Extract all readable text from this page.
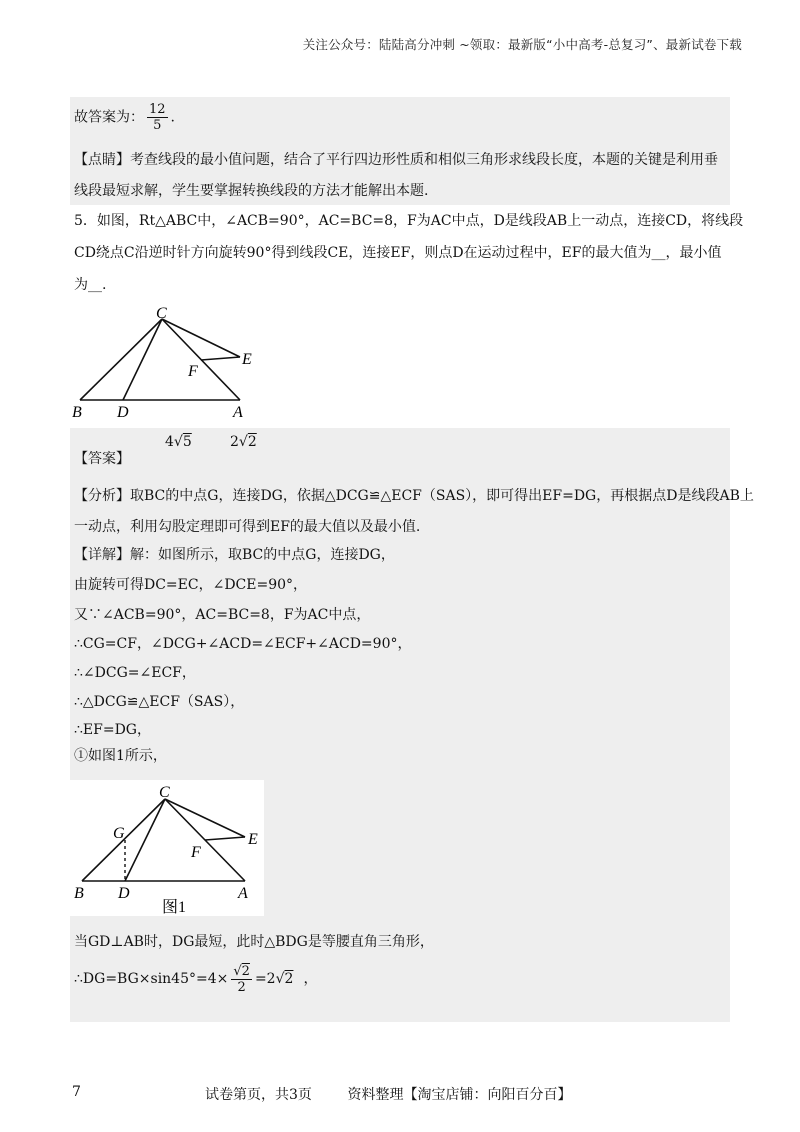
关注公众号：陆陆高分冲刺 ~领取：最新版“小中高考-总复习”、最新试卷下载
故答案为： $\frac{12}{5}$ .
【点睛】考查线段的最小值问题，结合了平行四边形性质和相似三角形求线段长度，本题的关键是利用垂
线段最短求解，学生要掌握转换线段的方法才能解出本题.
5．如图，Rt△ABC中，∠ACB=90°，AC=BC=8，F为AC中点，D是线段AB上一动点，连接CD，将线段
CD绕点C沿逆时针方向旋转90°得到线段CE，连接EF，则点D在运动过程中，EF的最大值为__，最小值
为__.
C
E
F
B D	A
【答案】
4√5	2√2
【分析】取BC的中点G，连接DG，依据△DCG≌△ECF（SAS），即可得出EF=DG，再根据点D是线段AB上
一动点，利用勾股定理即可得到EF的最大值以及最小值.
【详解】解：如图所示，取BC的中点G，连接DG，
由旋转可得DC=EC，∠DCE=90°，
又∵∠ACB=90°，AC=BC=8，F为AC中点，
∴CG=CF，∠DCG+∠ACD=∠ECF+∠ACD=90°，
∴∠DCG=∠ECF，
∴△DCG≌△ECF（SAS），
∴EF=DG，
①如图1所示，
C
G	E
F
B D	A
图1
当GD⊥AB时，DG最短，此时△BDG是等腰直角三角形，
∴DG=BG×sin45°=4× $\frac{√2}{2} =2√2$ ，
7	试卷第页，共3页        资料整理【淘宝店铺：向阳百分百】
